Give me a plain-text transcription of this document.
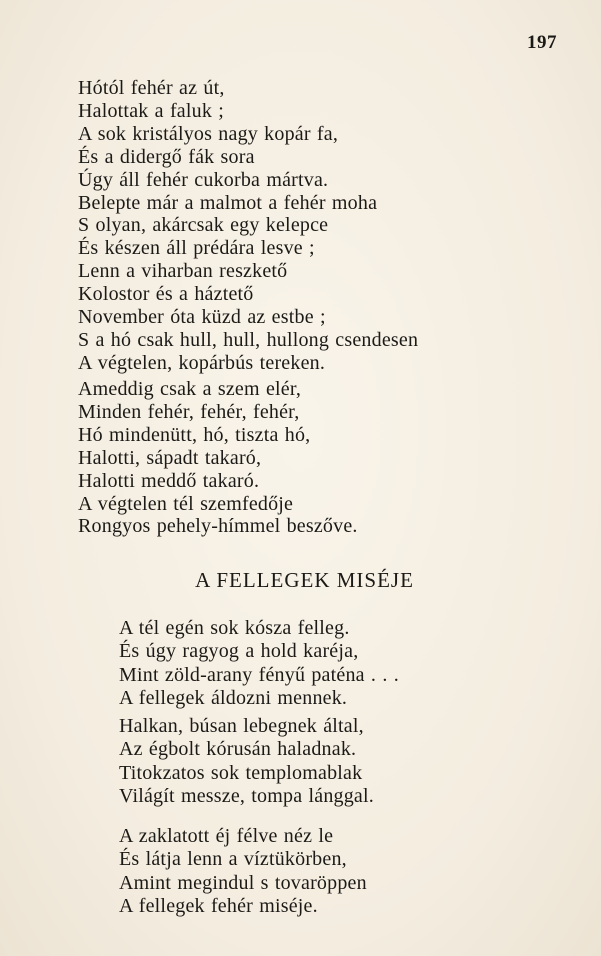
197
Hótól fehér az út,
Halottak a faluk ;
A sok kristályos nagy kopár fa,
És a didergő fák sora
Úgy áll fehér cukorba mártva.
Belepte már a malmot a fehér moha
S olyan, akárcsak egy kelepce
És készen áll prédára lesve ;
Lenn a viharban reszkető
Kolostor és a háztető
November óta küzd az estbe ;
S a hó csak hull, hull, hullong csendesen
A végtelen, kopárbús tereken.
Ameddig csak a szem elér,
Minden fehér, fehér, fehér,
Hó mindenütt, hó, tiszta hó,
Halotti, sápadt takaró,
Halotti meddő takaró.
A végtelen tél szemfedője
Rongyos pehely-hímmel beszőve.
A FELLEGEK MISÉJE
A tél egén sok kósza felleg.
És úgy ragyog a hold karéja,
Mint zöld-arany fényű paténa . . .
A fellegek áldozni mennek.
Halkan, búsan lebegnek által,
Az égbolt kórusán haladnak.
Titokzatos sok templomablak
Világít messze, tompa lánggal.
A zaklatott éj félve néz le
És látja lenn a víztükörben,
Amint megindul s tovaröppen
A fellegek fehér miséje.
